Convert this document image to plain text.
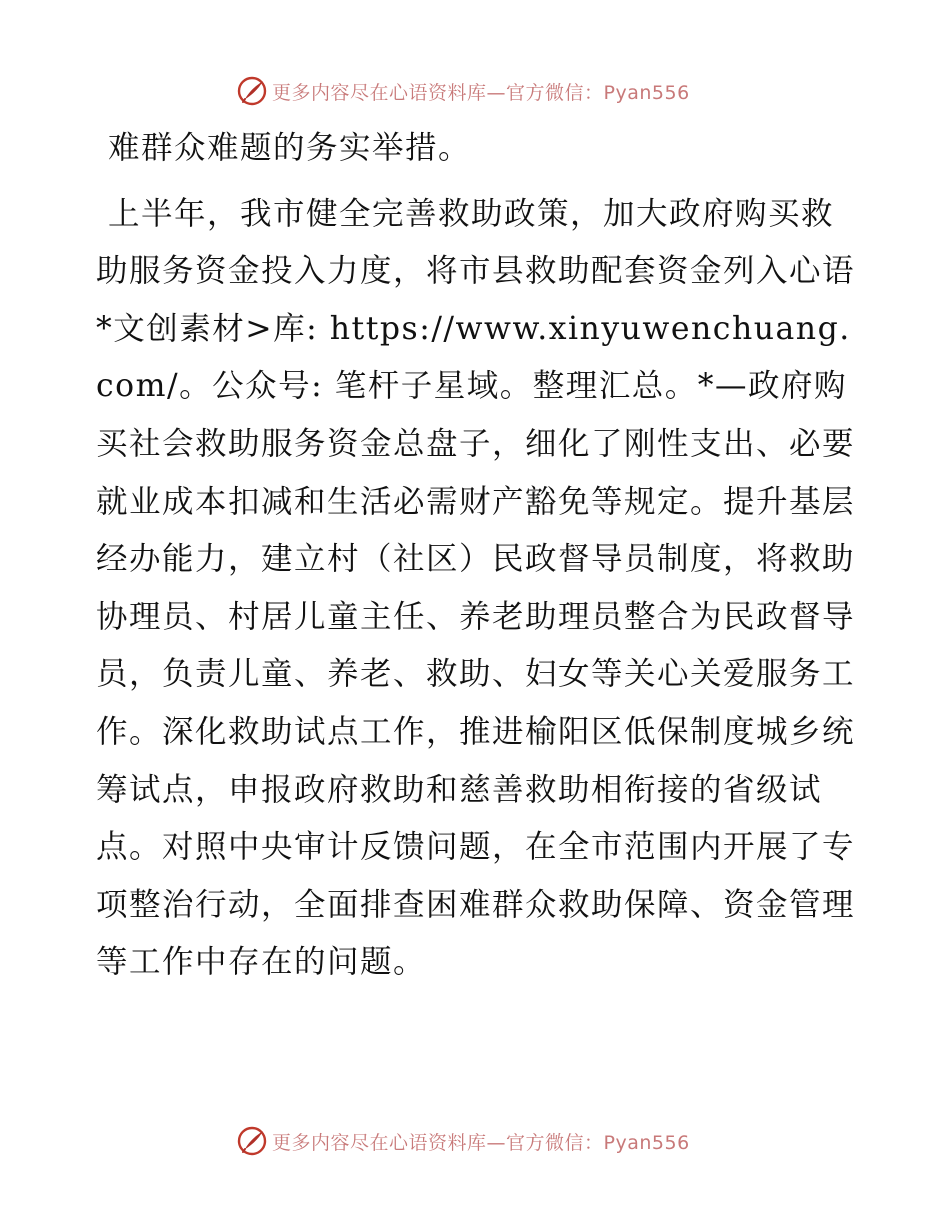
更多内容尽在心语资料库—官方微信：Pyan556

难群众难题的务实举措。

上半年，我市健全完善救助政策，加大政府购买救助服务资金投入力度，将市县救助配套资金列入心语*文创素材>库: https://www.xinyuwenchuang.com/。公众号: 笔杆子星域。整理汇总。*—政府购买社会救助服务资金总盘子，细化了刚性支出、必要就业成本扣减和生活必需财产豁免等规定。提升基层经办能力，建立村（社区）民政督导员制度，将救助协理员、村居儿童主任、养老助理员整合为民政督导员，负责儿童、养老、救助、妇女等关心关爱服务工作。深化救助试点工作，推进榆阳区低保制度城乡统筹试点，申报政府救助和慈善救助相衔接的省级试点。对照中央审计反馈问题，在全市范围内开展了专项整治行动，全面排查困难群众救助保障、资金管理等工作中存在的问题。

更多内容尽在心语资料库—官方微信：Pyan556
